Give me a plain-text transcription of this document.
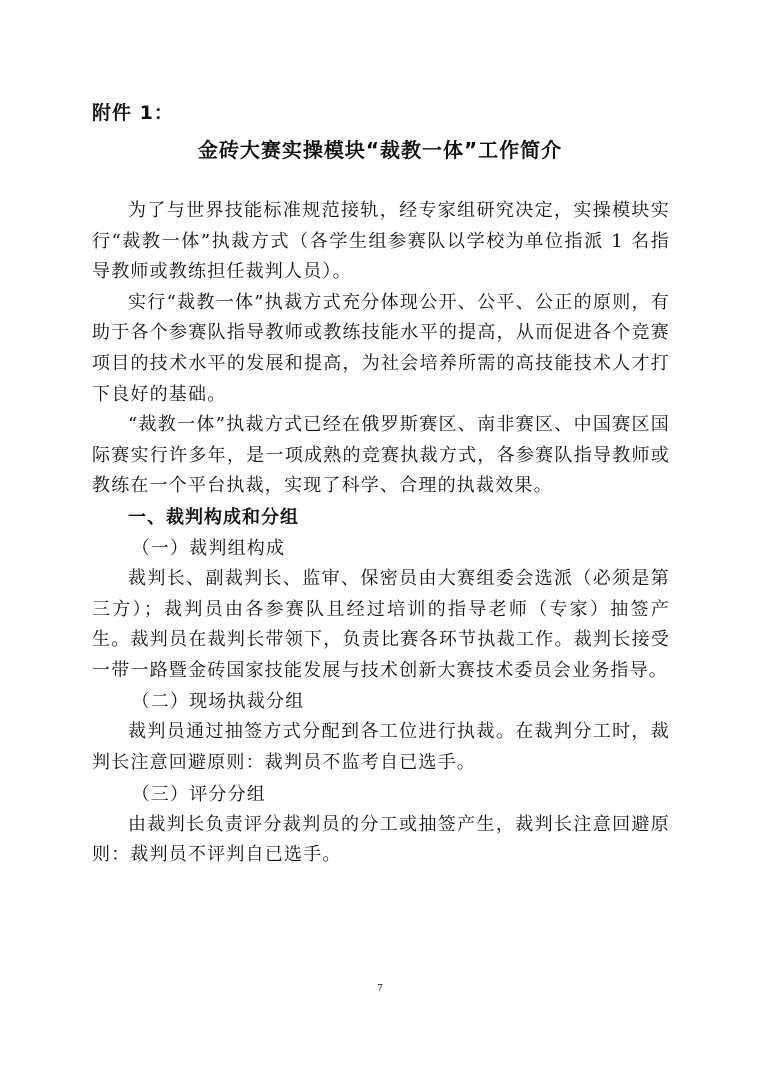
附件 1：
金砖大赛实操模块“裁教一体”工作简介

为了与世界技能标准规范接轨，经专家组研究决定，实操模块实行“裁教一体”执裁方式（各学生组参赛队以学校为单位指派 1 名指导教师或教练担任裁判人员）。

实行“裁教一体”执裁方式充分体现公开、公平、公正的原则，有助于各个参赛队指导教师或教练技能水平的提高，从而促进各个竞赛项目的技术水平的发展和提高，为社会培养所需的高技能技术人才打下良好的基础。

“裁教一体”执裁方式已经在俄罗斯赛区、南非赛区、中国赛区国际赛实行许多年，是一项成熟的竞赛执裁方式，各参赛队指导教师或教练在一个平台执裁，实现了科学、合理的执裁效果。

一、裁判构成和分组
（一）裁判组构成

裁判长、副裁判长、监审、保密员由大赛组委会选派（必须是第三方）；裁判员由各参赛队且经过培训的指导老师（专家）抽签产生。裁判员在裁判长带领下，负责比赛各环节执裁工作。裁判长接受一带一路暨金砖国家技能发展与技术创新大赛技术委员会业务指导。

（二）现场执裁分组

裁判员通过抽签方式分配到各工位进行执裁。在裁判分工时，裁判长注意回避原则：裁判员不监考自已选手。

（三）评分分组

由裁判长负责评分裁判员的分工或抽签产生，裁判长注意回避原则：裁判员不评判自已选手。

7
